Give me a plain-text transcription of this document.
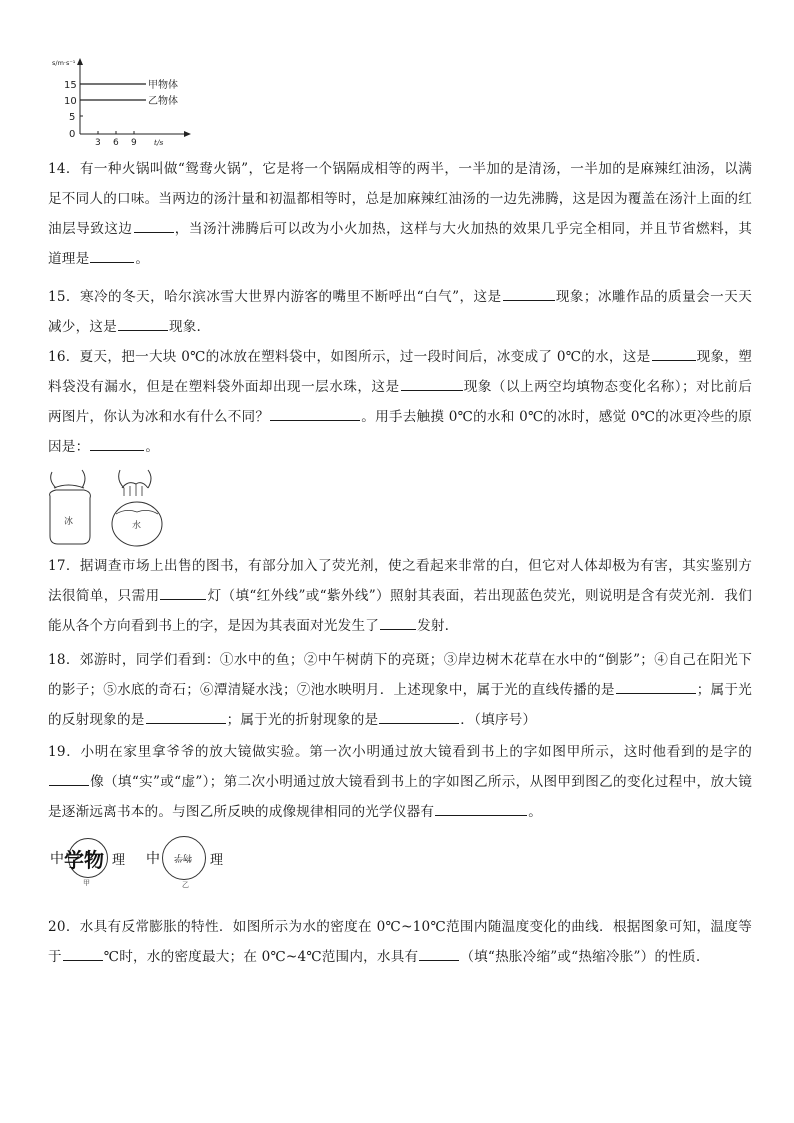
s/m·s⁻¹
15
10
5
0
3 6 9 t/s
甲物体
乙物体
14．有一种火锅叫做“鸳鸯火锅”，它是将一个锅隔成相等的两半，一半加的是清汤，一半加的是麻辣红油汤，以满足不同人的口味。当两边的汤汁量和初温都相等时，总是加麻辣红油汤的一边先沸腾，这是因为覆盖在汤汁上面的红油层导致这边	，当汤汁沸腾后可以改为小火加热，这样与大火加热的效果几乎完全相同，并且节省燃料，其道理是	。
15．寒冷的冬天，哈尔滨冰雪大世界内游客的嘴里不断呼出“白气”，这是	现象；冰雕作品的质量会一天天减少，这是	现象.
16．夏天，把一大块 0℃的冰放在塑料袋中，如图所示，过一段时间后，冰变成了 0℃的水，这是	现象，塑料袋没有漏水，但是在塑料袋外面却出现一层水珠，这是	现象（以上两空均填物态变化名称）；对比前后两图片，你认为冰和水有什么不同？	。用手去触摸 0℃的水和 0℃的冰时，感觉 0℃的冰更冷些的原因是：	。
冰	水
17．据调查市场上出售的图书，有部分加入了荧光剂，使之看起来非常的白，但它对人体却极为有害，其实鉴别方法很简单，只需用	灯（填“红外线”或“紫外线”）照射其表面，若出现蓝色荧光，则说明是含有荧光剂．我们能从各个方向看到书上的字，是因为其表面对光发生了	发射.
18．郊游时，同学们看到：①水中的鱼；②中午树荫下的亮斑；③岸边树木花草在水中的“倒影”；④自己在阳光下的影子；⑤水底的奇石；⑥潭清疑水浅；⑦池水映明月．上述现象中，属于光的直线传播的是	；属于光的反射现象的是	；属于光的折射现象的是	．（填序号）
19．小明在家里拿爷爷的放大镜做实验。第一次小明通过放大镜看到书上的字如图甲所示，这时他看到的是字的像（填“实”或“虚”）；第二次小明通过放大镜看到书上的字如图乙所示，从图甲到图乙的变化过程中，放大镜是逐渐远离书本的。与图乙所反映的成像规律相同的光学仪器有	。
中 学物 理
甲
中 物学 理
乙
20．水具有反常膨胀的特性．如图所示为水的密度在 0℃~10℃范围内随温度变化的曲线．根据图象可知，温度等于	℃时，水的密度最大；在 0℃~4℃范围内，水具有	（填“热胀冷缩”或“热缩冷胀”）的性质.
